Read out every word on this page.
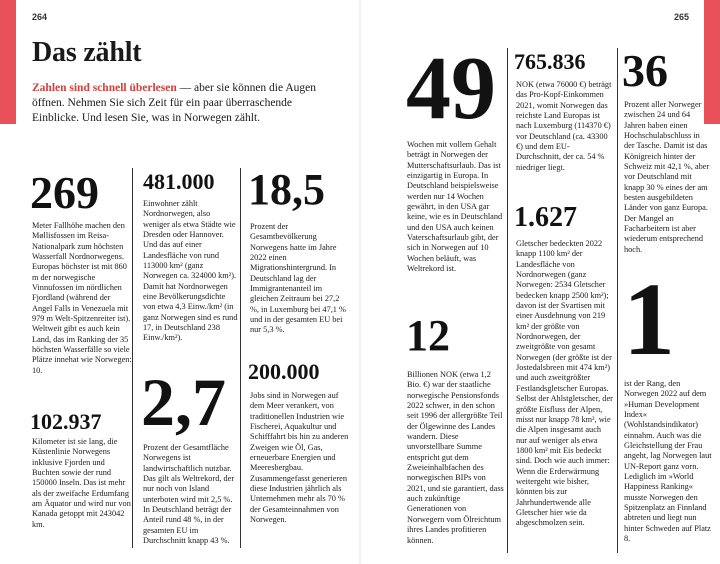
264
Das zählt

Zahlen sind schnell überlesen — aber sie können die Augen öffnen. Nehmen Sie sich Zeit für ein paar überraschende Einblicke. Und lesen Sie, was in Norwegen zählt.

269

Meter Fallhöhe machen den Møllisfossen im Reisa-Nationalpark zum höchsten Wasserfall Nordnorwegens. Europas höchster ist mit 860 m der norwegische Vinnufossen im nördlichen Fjordland (während der Angel Falls in Venezuela mit 979 m Welt-Spitzenreiter ist). Weltweit gibt es auch kein Land, das im Ranking der 35 höchsten Wasserfälle so viele Plätze innehat wie Norwegen: 10.

102.937

Kilometer ist sie lang, die Küstenlinie Norwegens inklusive Fjorden und Buchten sowie der rund 150000 Inseln. Das ist mehr als der zweifache Erdumfang am Äquator und wird nur von Kanada getoppt mit 243042 km.

481.000

Einwohner zählt Nordnorwegen, also weniger als etwa Städte wie Dresden oder Hannover. Und das auf einer Landesfläche von rund 113000 km² (ganz Norwegen ca. 324000 km²). Damit hat Nordnorwegen eine Bevölkerungsdichte von etwa 4,3 Einw./km² (in ganz Norwegen sind es rund 17, in Deutschland 238 Einw./km²).

2,7

Prozent der Gesamtfläche Norwegens ist landwirtschaftlich nutzbar. Das gilt als Weltrekord, der nur noch von Island unterboten wird mit 2,5 %. In Deutschland beträgt der Anteil rund 48 %, in der gesamten EU im Durchschnitt knapp 43 %.

18,5

Prozent der Gesamtbevölkerung Norwegens hatte im Jahre 2022 einen Migrationshintergrund. In Deutschland lag der Immigrantenanteil im gleichen Zeitraum bei 27,2 %, in Luxemburg bei 47,1 % und in der gesamten EU bei nur 5,3 %.

200.000

Jobs sind in Norwegen auf dem Meer verankert, von traditionellen Industrien wie Fischerei, Aquakultur und Schifffahrt bis hin zu anderen Zweigen wie Öl, Gas, erneuerbare Energien und Meeresbergbau. Zusammengefasst generieren diese Industrien jährlich als Unternehmen mehr als 70 % der Gesamteinnahmen von Norwegen.

265
49

Wochen mit vollem Gehalt beträgt in Norwegen der Mutterschaftsurlaub. Das ist einzigartig in Europa. In Deutschland beispielsweise werden nur 14 Wochen gewährt, in den USA gar keine, wie es in Deutschland und den USA auch keinen Vaterschaftsurlaub gibt, der sich in Norwegen auf 10 Wochen beläuft, was Weltrekord ist.

12

Billionen NOK (etwa 1,2 Bio. €) war der staatliche norwegische Pensionsfonds 2022 schwer, in den schon seit 1996 der allergrößte Teil der Ölgewinne des Landes wandern. Diese unvorstellbare Summe entspricht gut dem Zweieinhalbfachen des norwegischen BIPs von 2021, und sie garantiert, dass auch zukünftige Generationen von Norwegern vom Ölreichtum ihres Landes profitieren können.

765.836

NOK (etwa 76000 €) beträgt das Pro-Kopf-Einkommen 2021, womit Norwegen das reichste Land Europas ist nach Luxemburg (114370 €) vor Deutschland (ca. 43300 €) und dem EU-Durchschnitt, der ca. 54 % niedriger liegt.

1.627

Gletscher bedeckten 2022 knapp 1100 km² der Landesfläche von Nordnorwegen (ganz Norwegen: 2534 Gletscher bedecken knapp 2500 km²); davon ist der Svartisen mit einer Ausdehnung von 219 km² der größte von Nordnorwegen, der zweitgrößte von gesamt Norwegen (der größte ist der Jostedalsbreen mit 474 km²) und auch zweitgrößter Festlandsgletscher Europas. Selbst der Ahlstgletscher, der größte Eisfluss der Alpen, misst nur knapp 78 km², wie die Alpen insgesamt auch nur auf weniger als etwa 1800 km² mit Eis bedeckt sind. Doch wie auch immer: Wenn die Erderwärmung weitergeht wie bisher, könnten bis zur Jahrhundertwende alle Gletscher hier wie da abgeschmolzen sein.

36

Prozent aller Norweger zwischen 24 und 64 Jahren haben einen Hochschulabschluss in der Tasche. Damit ist das Königreich hinter der Schweiz mit 42,1 %, aber vor Deutschland mit knapp 30 % eines der am besten ausgebildeten Länder von ganz Europa. Der Mangel an Facharbeitern ist aber wiederum entsprechend hoch.

1

ist der Rang, den Norwegen 2022 auf dem »Human Development Index« (Wohlstandsindikator) einnahm. Auch was die Gleichstellung der Frau angeht, lag Norwegen laut UN-Report ganz vorn. Lediglich im »World Happiness Ranking« musste Norwegen den Spitzenplatz an Finnland abtreten und liegt nun hinter Schweden auf Platz 8.
